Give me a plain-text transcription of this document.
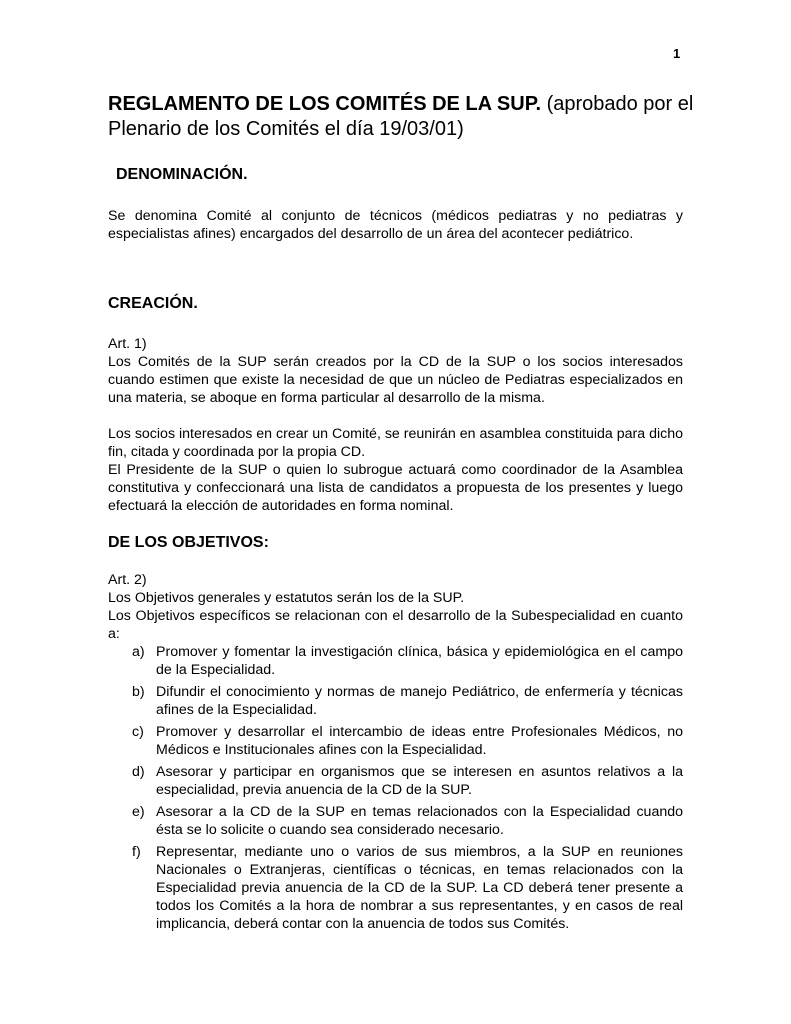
1
REGLAMENTO DE LOS COMITÉS DE LA SUP. (aprobado por el Plenario de los Comités el día 19/03/01)
DENOMINACIÓN.

Se denomina Comité al conjunto de técnicos (médicos pediatras y no pediatras y especialistas afines) encargados del desarrollo de un área del acontecer pediátrico.

CREACIÓN.

Art. 1)

Los Comités de la SUP serán creados por la CD de la SUP o los socios interesados cuando estimen que existe la necesidad de que un núcleo de Pediatras especializados en una materia, se aboque en forma particular al desarrollo de la misma.

Los socios interesados en crear un Comité, se reunirán en asamblea constituida para dicho fin, citada y coordinada por la propia CD.

El Presidente de la SUP o quien lo subrogue actuará como coordinador de la Asamblea constitutiva y confeccionará una lista de candidatos a propuesta de los presentes y luego efectuará la elección de autoridades en forma nominal.

DE LOS OBJETIVOS:

Art. 2)

Los Objetivos generales y estatutos serán los de la SUP.

Los Objetivos específicos se relacionan con el desarrollo de la Subespecialidad en cuanto a:

a) Promover y fomentar la investigación clínica, básica y epidemiológica en el campo de la Especialidad.
b) Difundir el conocimiento y normas de manejo Pediátrico, de enfermería y técnicas afines de la Especialidad.
c) Promover y desarrollar el intercambio de ideas entre Profesionales Médicos, no Médicos e Institucionales afines con la Especialidad.
d) Asesorar y participar en organismos que se interesen en asuntos relativos a la especialidad, previa anuencia de la CD de la SUP.
e) Asesorar a la CD de la SUP en temas relacionados con la Especialidad cuando ésta se lo solicite o cuando sea considerado necesario.
f)	Representar, mediante uno o varios de sus miembros, a la SUP en reuniones Nacionales o Extranjeras, científicas o técnicas, en temas relacionados con la Especialidad previa anuencia de la CD de la SUP. La CD deberá tener presente a todos los Comités a la hora de nombrar a sus representantes, y en casos de real implicancia, deberá contar con la anuencia de todos sus Comités.
